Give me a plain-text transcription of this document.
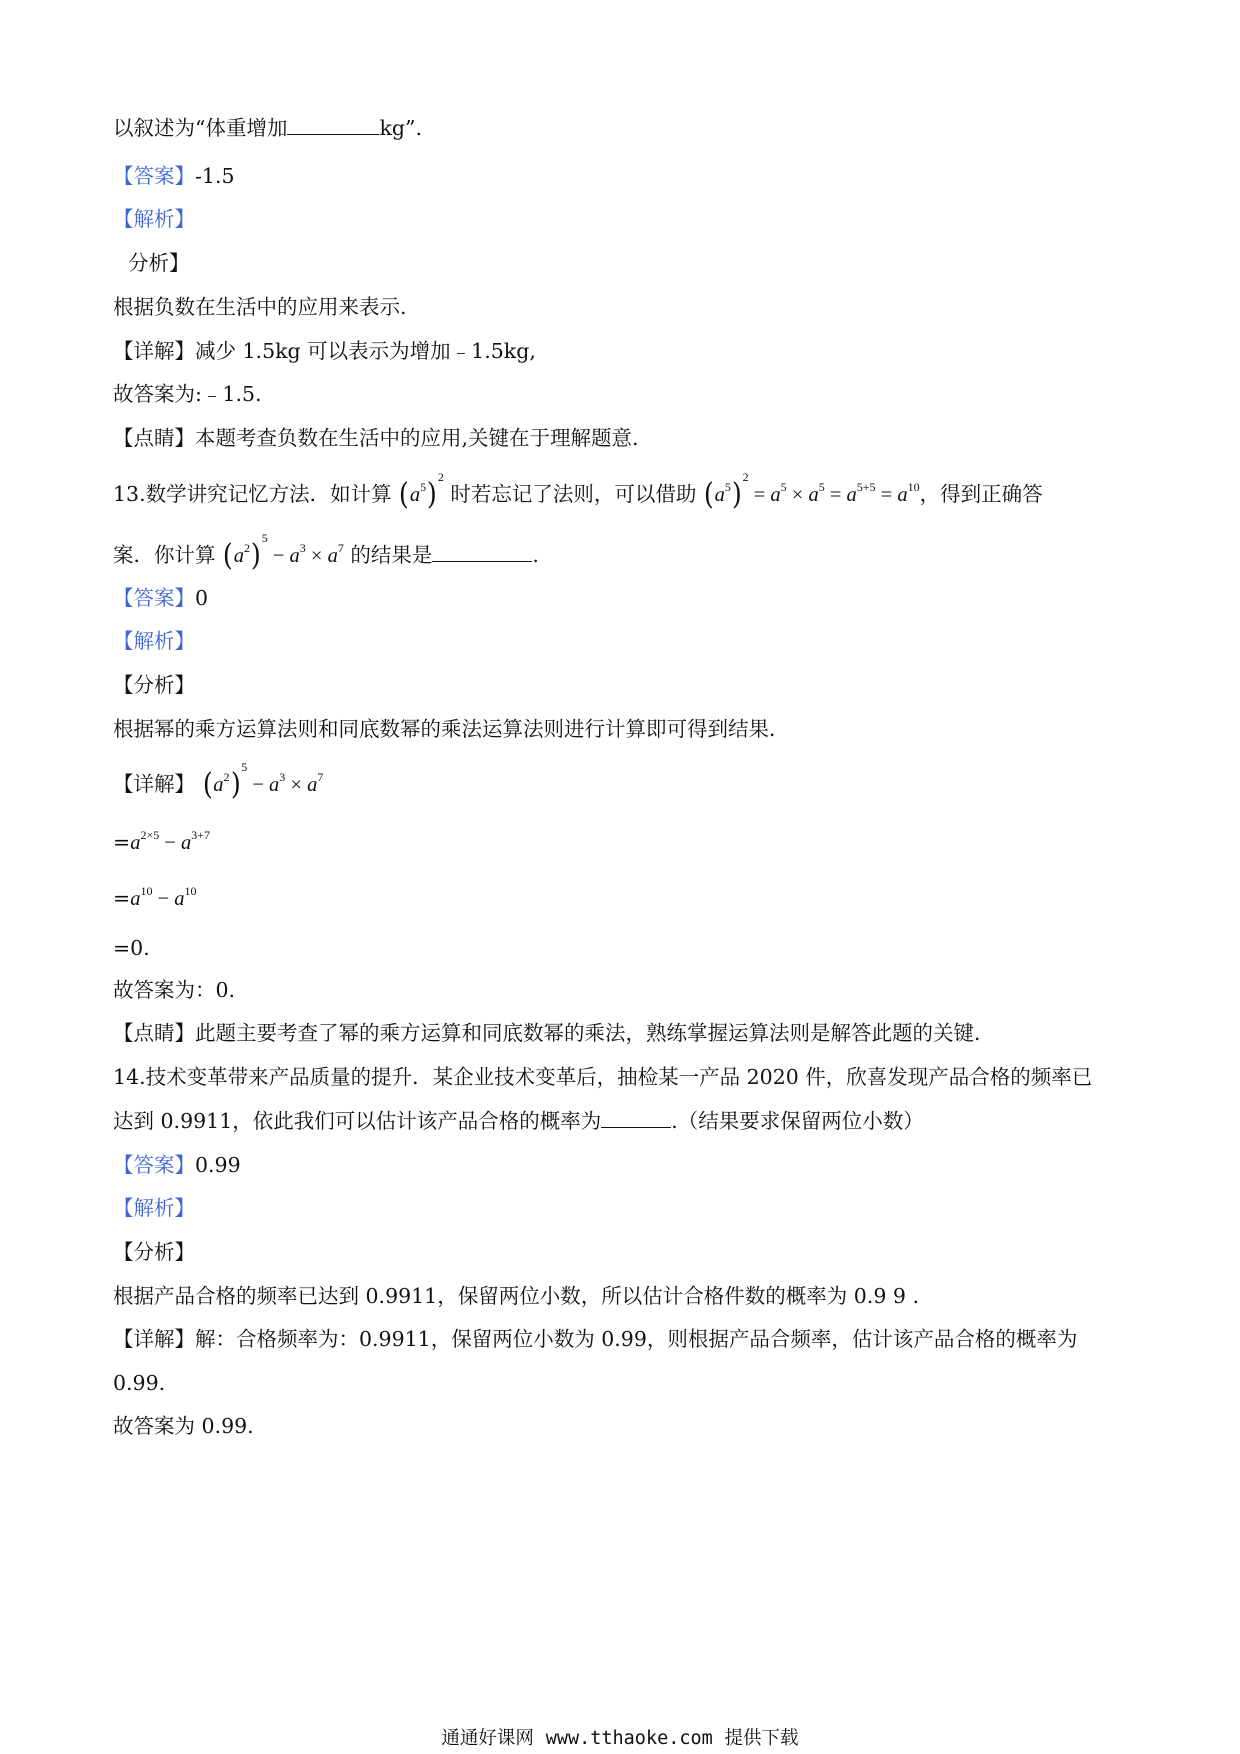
以叙述为“体重增加	kg”.
【答案】-1.5
【解析】
分析】
根据负数在生活中的应用来表示.
【详解】减少 1.5kg 可以表示为增加﹣1.5kg,
故答案为:﹣1.5.
【点睛】本题考查负数在生活中的应用,关键在于理解题意.
13.数学讲究记忆方法．如计算 $(a^5)^2$ 时若忘记了法则，可以借助 $(a^5)^2 = a^5 \times a^5 = a^{5+5} = a^{10}$，得到正确答
案．你计算 $(a^2)^5 - a^3 \times a^7$ 的结果是	.
【答案】0
【解析】
【分析】
根据幂的乘方运算法则和同底数幂的乘法运算法则进行计算即可得到结果．
【详解】 $(a^2)^5 - a^3 \times a^7$
$=a^{2\times 5} - a^{3+7}$
$=a^{10} - a^{10}$
=0.
故答案为：0.
【点睛】此题主要考查了幂的乘方运算和同底数幂的乘法，熟练掌握运算法则是解答此题的关键．
14.技术变革带来产品质量的提升．某企业技术变革后，抽检某一产品 2020 件，欣喜发现产品合格的频率已
达到 0.9911，依此我们可以估计该产品合格的概率为	.（结果要求保留两位小数）
【答案】0.99
【解析】
【分析】
根据产品合格的频率已达到 0.9911，保留两位小数，所以估计合格件数的概率为 0.9 9 .
【详解】解：合格频率为：0.9911，保留两位小数为 0.99，则根据产品合频率，估计该产品合格的概率为
0.99.
故答案为 0.99.
通通好课网 www.tthaoke.com 提供下载
